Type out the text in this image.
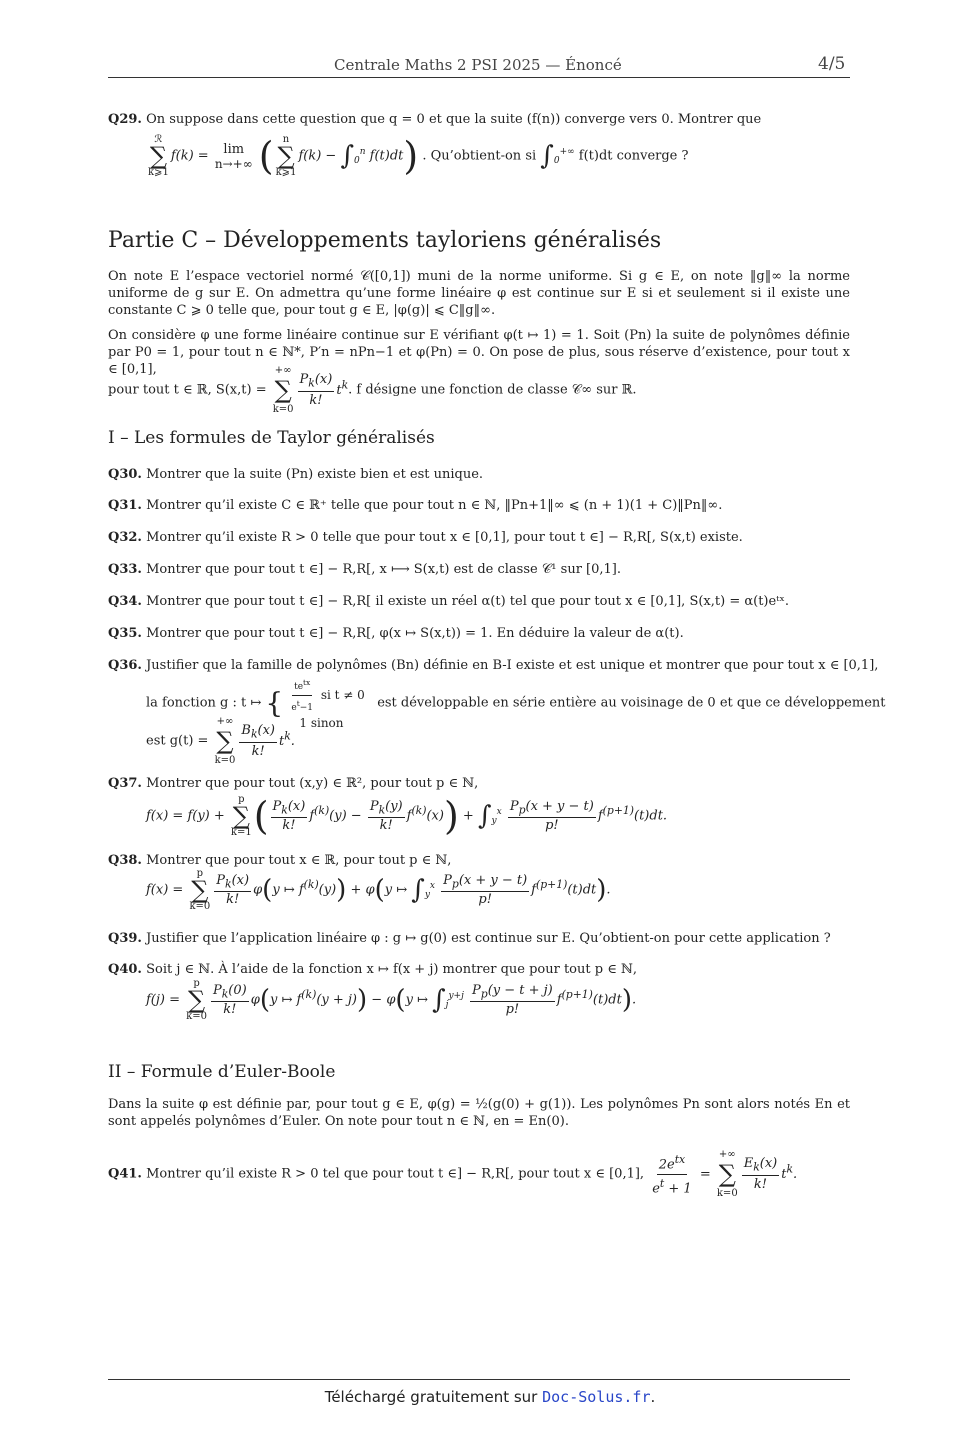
Centrale Maths 2 PSI 2025 — Énoncé	4/5
Q29. On suppose dans cette question que q = 0 et que la suite (f(n)) converge vers 0. Montrer que
ℛ
∑
k⩾1
f(k) = lim
n→+∞ ( n
∑
k⩾1
$f(k) - \int_0^n$ f(t)dt) . Qu’obtient-on si $\int_0^{+\infty}$ f(t)dt converge ?
Partie C – Développements tayloriens généralisés
On note E l’espace vectoriel normé 𝒞([0,1]) muni de la norme uniforme. Si g ∈ E, on note ‖g‖∞ la norme uniforme de g sur E. On admettra qu’une forme linéaire φ est continue sur E si et seulement si il existe une constante C ⩾ 0 telle que, pour tout g ∈ E, |φ(g)| ⩽ C‖g‖∞.
On considère φ une forme linéaire continue sur E vérifiant φ(t ↦ 1) = 1. Soit (Pn) la suite de polynômes définie par P0 = 1, pour tout n ∈ ℕ*, P′n = nPn−1 et φ(Pn) = 0. On pose de plus, sous réserve d’existence, pour tout x ∈ [0,1],
pour tout t ∈ ℝ, S(x,t) =
+∞
∑
k=0
$\frac{P_k(x)}{k!} t^k$. f désigne une fonction de classe 𝒞∞ sur ℝ.
I – Les formules de Taylor généralisés
Q30. Montrer que la suite (Pn) existe bien et est unique.
Q31. Montrer qu’il existe C ∈ ℝ⁺ telle que pour tout n ∈ ℕ, ‖Pn+1‖∞ ⩽ (n + 1)(1 + C)‖Pn‖∞.
Q32. Montrer qu’il existe R > 0 telle que pour tout x ∈ [0,1], pour tout t ∈] − R,R[, S(x,t) existe.
Q33. Montrer que pour tout t ∈] − R,R[, x ⟼ S(x,t) est de classe 𝒞¹ sur [0,1].
Q34. Montrer que pour tout t ∈] − R,R[ il existe un réel α(t) tel que pour tout x ∈ [0,1], S(x,t) = α(t)eᵗˣ.
Q35. Montrer que pour tout t ∈] − R,R[, φ(x ↦ S(x,t)) = 1. En déduire la valeur de α(t).
Q36. Justifier que la famille de polynômes (Bn) définie en B-I existe et est unique et montrer que pour tout x ∈ [0,1],
la fonction g : t ↦ { $\frac{te^{tx}}{e^t-1}$ si t ≠ 0
1 sinon
est développable en série entière au voisinage de 0 et que ce développement
est g(t) =
+∞
∑
k=0
$\frac{B_k(x)}{k!} t^k$.
Q37. Montrer que pour tout (x,y) ∈ ℝ², pour tout p ∈ ℕ,
f(x) = f(y) +
p
∑
k=1 ( $\frac{P_k(x)}{k!} f^{(k)}(y) - \frac{P_k(y)}{k!} f^{(k)}(x)) + \int_y^x \frac{P_p(x + y - t)}{p!} f^{(p+1)}(t)dt$.
Q38. Montrer que pour tout x ∈ ℝ, pour tout p ∈ ℕ,
f(x) =
p
∑
$k=0 \frac{P_k(x)}{k!} \varphi(y$ ↦ $f^{(k)}(y)) + \varphi(y$ ↦ $\int_y^x \frac{P_p(x + y - t)}{p!} f^{(p+1)}(t)dt$).
Q39. Justifier que l’application linéaire φ : g ↦ g(0) est continue sur E. Qu’obtient-on pour cette application ?
Q40. Soit j ∈ ℕ. À l’aide de la fonction x ↦ f(x + j) montrer que pour tout p ∈ ℕ,
f(j) =
p
∑
$k=0 \frac{P_k(0)}{k!} \varphi(y$ ↦ $f^{(k)}(y + j)) - \varphi(y$ ↦ $\int_j^{y+j} \frac{P_p(y - t + j)}{p!} f^{(p+1)}(t)dt$).
II – Formule d’Euler-Boole
Dans la suite φ est définie par, pour tout g ∈ E, φ(g) = ½(g(0) + g(1)). Les polynômes Pn sont alors notés En et sont appelés polynômes d’Euler. On note pour tout n ∈ ℕ, en = En(0).
Q41. Montrer qu’il existe R > 0 tel que pour tout t ∈] − R,R[, pour tout x ∈ [0,1], $\frac{2e^{tx}}{e^t + 1}$ =
+∞
∑
k=0
$\frac{E_k(x)}{k!} t^k$.
Téléchargé gratuitement sur Doc-Solus.fr.
